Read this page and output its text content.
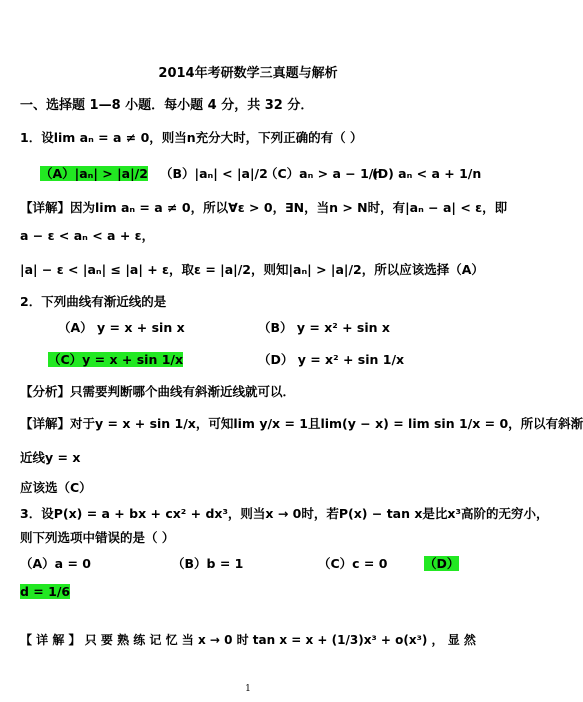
2014年考研数学三真题与解析
一、选择题 1—8 小题．每小题 4 分，共 32 分．
1．设lim aₙ = a ≠ 0，则当n充分大时，下列正确的有（ ）
（A）|aₙ| > |a|/2 （B）|aₙ| < |a|/2
（C）aₙ > a − 1/n
(D) aₙ < a + 1/n
【详解】因为lim aₙ = a ≠ 0，所以∀ε > 0，∃N，当n > N时，有|aₙ − a| < ε，即
a − ε < aₙ < a + ε，
|a| − ε < |aₙ| ≤ |a| + ε，取ε = |a|/2，则知|aₙ| > |a|/2，所以应该选择（A）
2．下列曲线有渐近线的是
（A） y = x + sin x	（B） y = x² + sin x
（C）y = x + sin 1/x	（D） y = x² + sin 1/x
【分析】只需要判断哪个曲线有斜渐近线就可以．
【详解】对于y = x + sin 1/x，可知lim y/x = 1且lim(y − x) = lim sin 1/x = 0，所以有斜渐
近线y = x
应该选（C）
3．设P(x) = a + bx + cx² + dx³，则当x → 0时，若P(x) − tan x是比x³高阶的无穷小，
则下列选项中错误的是（ ）
（A）a = 0	（B）b = 1	（C）c = 0	（D）
d = 1/6
【 详 解 】 只 要 熟 练 记 忆 当 x → 0 时 tan x = x + (1/3)x³ + o(x³) ， 显 然
1
